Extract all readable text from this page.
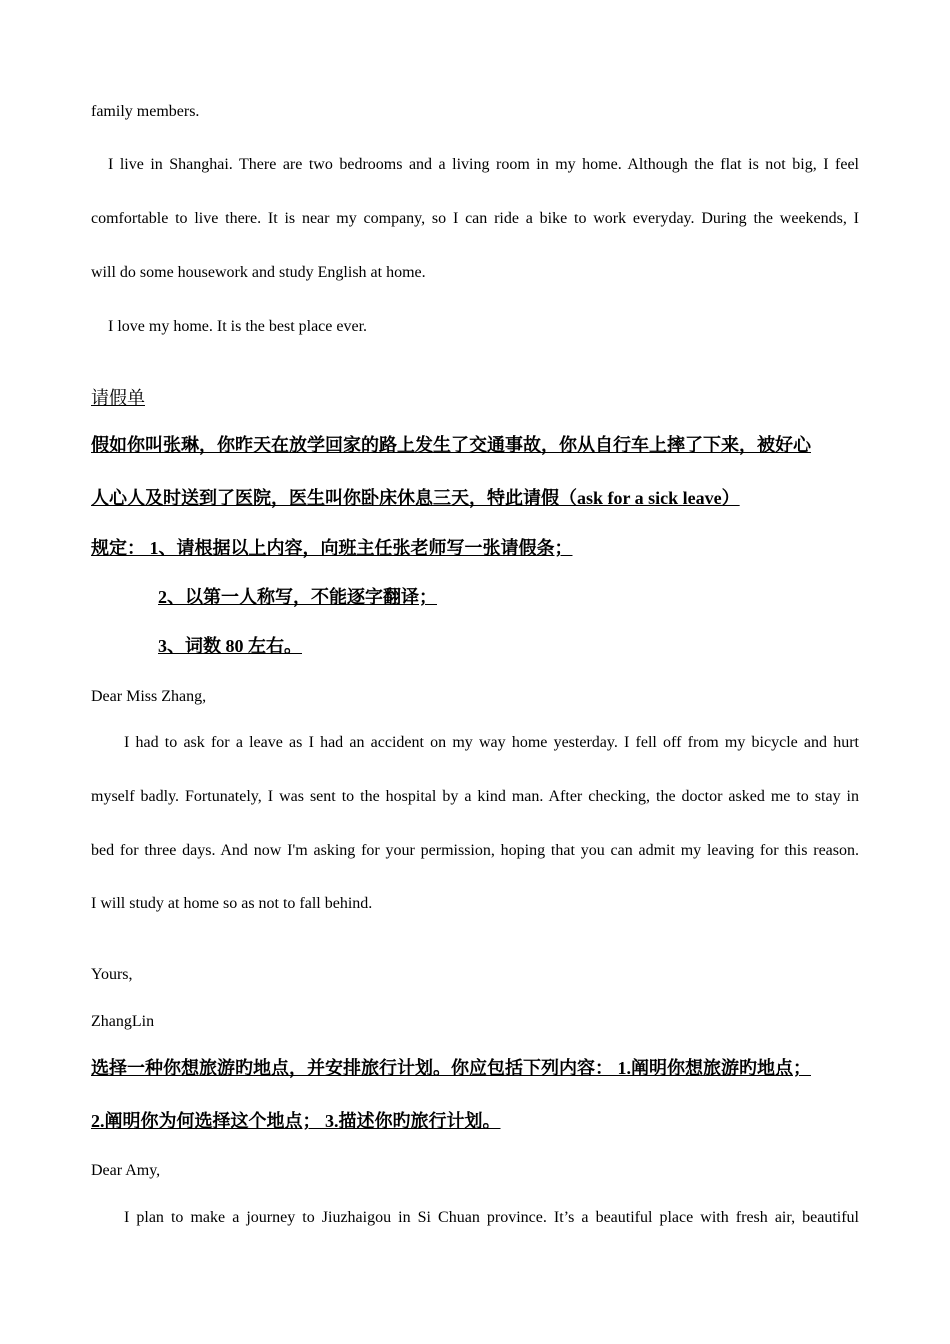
family members.
I live in Shanghai. There are two bedrooms and a living room in my home. Although the flat is not big, I feel
comfortable to live there. It is near my company, so I can ride a bike to work everyday. During the weekends, I
will do some housework and study English at home.
I love my home. It is the best place ever.
请假单
假如你叫张琳，你昨天在放学回家的路上发生了交通事故，你从自行车上摔了下来，被好心
人心人及时送到了医院，医生叫你卧床休息三天，特此请假（ask for a sick leave）
规定： 1、请根据以上内容，向班主任张老师写一张请假条；
2、以第一人称写，不能逐字翻译；
3、词数 80 左右。
Dear Miss Zhang,
I had to ask for a leave as I had an accident on my way home yesterday. I fell off from my bicycle and hurt
myself badly. Fortunately, I was sent to the hospital by a kind man. After checking, the doctor asked me to stay in
bed for three days. And now I'm asking for your permission, hoping that you can admit my leaving for this reason.
I will study at home so as not to fall behind.
Yours,
ZhangLin
选择一种你想旅游旳地点，并安排旅行计划。你应包括下列内容： 1.阐明你想旅游旳地点；
2.阐明你为何选择这个地点； 3.描述你旳旅行计划。
Dear Amy,
I plan to make a journey to Jiuzhaigou in Si Chuan province. It’s a beautiful place with fresh air, beautiful
